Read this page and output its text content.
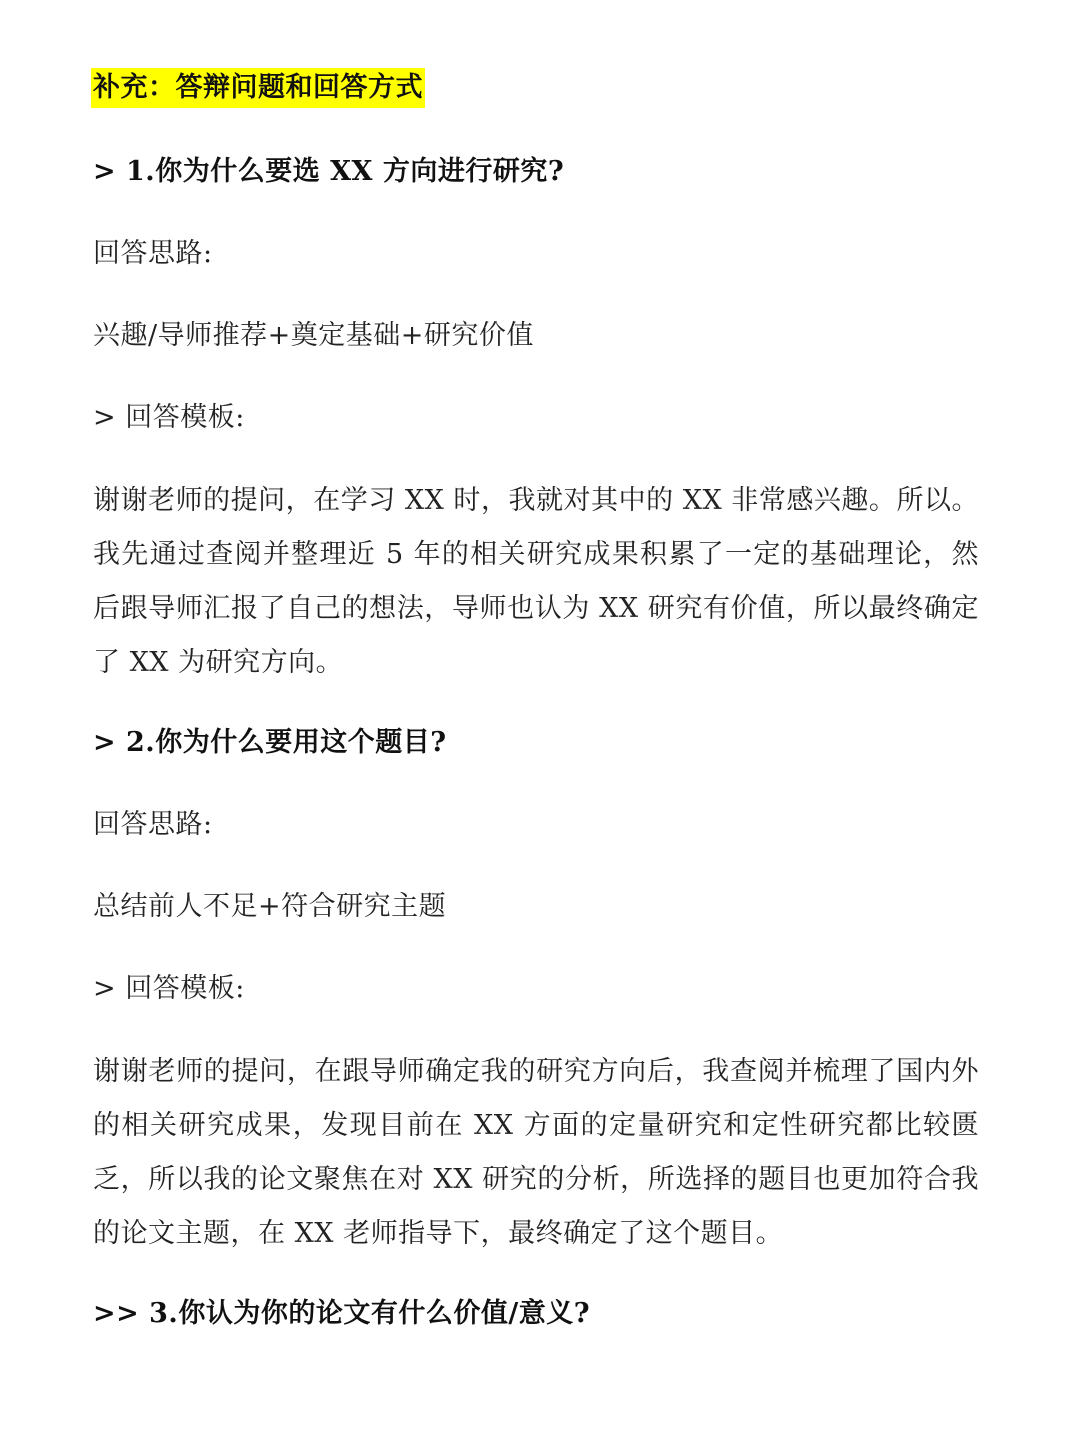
补充：答辩问题和回答方式
> 1.你为什么要选 XX 方向进行研究?
回答思路:
兴趣/导师推荐+奠定基础+研究价值
> 回答模板:
谢谢老师的提问，在学习 XX 时，我就对其中的 XX 非常感兴趣。所以。我先通过查阅并整理近 5 年的相关研究成果积累了一定的基础理论，然后跟导师汇报了自己的想法，导师也认为 XX 研究有价值，所以最终确定了 XX 为研究方向。
> 2.你为什么要用这个题目?
回答思路:
总结前人不足+符合研究主题
> 回答模板:
谢谢老师的提问，在跟导师确定我的研究方向后，我查阅并梳理了国内外的相关研究成果，发现目前在 XX 方面的定量研究和定性研究都比较匮乏，所以我的论文聚焦在对 XX 研究的分析，所选择的题目也更加符合我的论文主题，在 XX 老师指导下，最终确定了这个题目。
>> 3.你认为你的论文有什么价值/意义?
